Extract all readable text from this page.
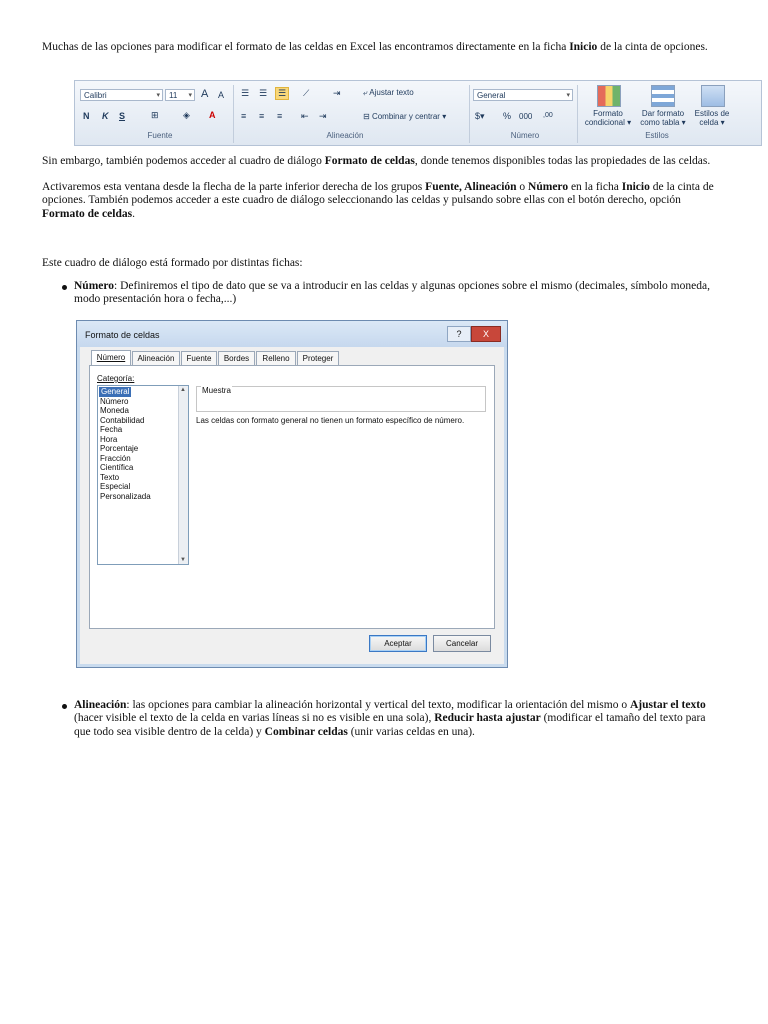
Muchas de las opciones para modificar el formato de las celdas en Excel las encontramos directamente en la ficha Inicio de la cinta de opciones.
Calibri	▾	11 ▾ A A
N K S	⊞	◈ A
Fuente
☰ ☰	☰	⟋	⇥	⤶ Ajustar texto
≡ ≡ ≡ ⇤ ⇥	⊟ Combinar y centrar ▾
Alineación
General	▾
$▾ % 000 ,00
Número
Formato
condicional ▾
Dar formato
como tabla ▾
Estilos de
celda ▾
Estilos
Sin embargo, también podemos acceder al cuadro de diálogo Formato de celdas, donde tenemos disponibles todas las propiedades de las celdas.
Activaremos esta ventana desde la flecha de la parte inferior derecha de los grupos Fuente, Alineación o Número en la ficha Inicio de la cinta de opciones. También podemos acceder a este cuadro de diálogo seleccionando las celdas y pulsando sobre ellas con el botón derecho, opción Formato de celdas.
Este cuadro de diálogo está formado por distintas fichas:
Número: Definiremos el tipo de dato que se va a introducir en las celdas y algunas opciones sobre el mismo (decimales, símbolo moneda, modo presentación hora o fecha,...)
Formato de celdas	?	X
Número	Alineación	Fuente	Bordes	Relleno	Proteger
Categoría:
General
Número
Moneda
Contabilidad
Fecha
Hora
Porcentaje
Fracción
Científica
Texto
Especial
Personalizada
▲
▼
Muestra
Las celdas con formato general no tienen un formato específico de número.
Aceptar	Cancelar
Alineación: las opciones para cambiar la alineación horizontal y vertical del texto, modificar la orientación del mismo o Ajustar el texto (hacer visible el texto de la celda en varias líneas si no es visible en una sola), Reducir hasta ajustar (modificar el tamaño del texto para que todo sea visible dentro de la celda) y Combinar celdas (unir varias celdas en una).
